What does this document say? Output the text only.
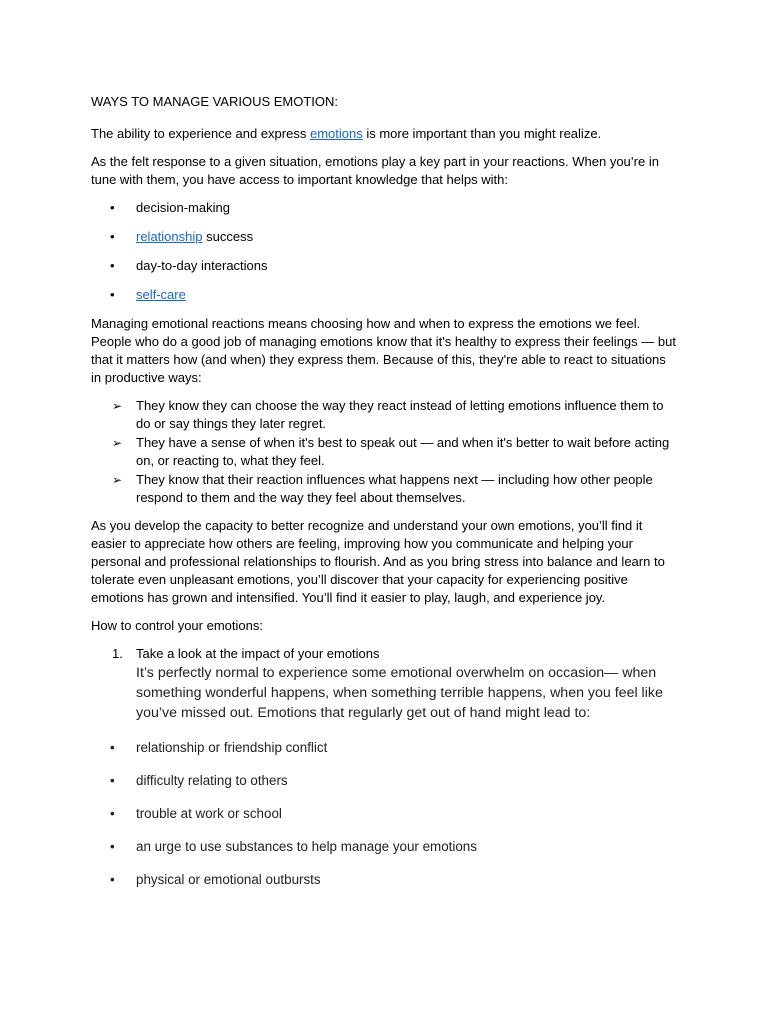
WAYS TO MANAGE VARIOUS EMOTION:

The ability to experience and express emotions is more important than you might realize.

As the felt response to a given situation, emotions play a key part in your reactions. When you’re in tune with them, you have access to important knowledge that helps with:

• decision-making
• relationship success
• day-to-day interactions
• self-care

Managing emotional reactions means choosing how and when to express the emotions we feel. People who do a good job of managing emotions know that it's healthy to express their feelings — but that it matters how (and when) they express them. Because of this, they're able to react to situations in productive ways:

➢ They know they can choose the way they react instead of letting emotions influence them to do or say things they later regret.
➢ They have a sense of when it's best to speak out — and when it's better to wait before acting on, or reacting to, what they feel.
➢ They know that their reaction influences what happens next — including how other people respond to them and the way they feel about themselves.

As you develop the capacity to better recognize and understand your own emotions, you’ll find it easier to appreciate how others are feeling, improving how you communicate and helping your personal and professional relationships to flourish. And as you bring stress into balance and learn to tolerate even unpleasant emotions, you’ll discover that your capacity for experiencing positive emotions has grown and intensified. You’ll find it easier to play, laugh, and experience joy.

How to control your emotions:

1. Take a look at the impact of your emotions
It’s perfectly normal to experience some emotional overwhelm on occasion— when something wonderful happens, when something terrible happens, when you feel like you’ve missed out. Emotions that regularly get out of hand might lead to:
• relationship or friendship conflict
• difficulty relating to others
• trouble at work or school
• an urge to use substances to help manage your emotions
• physical or emotional outbursts
